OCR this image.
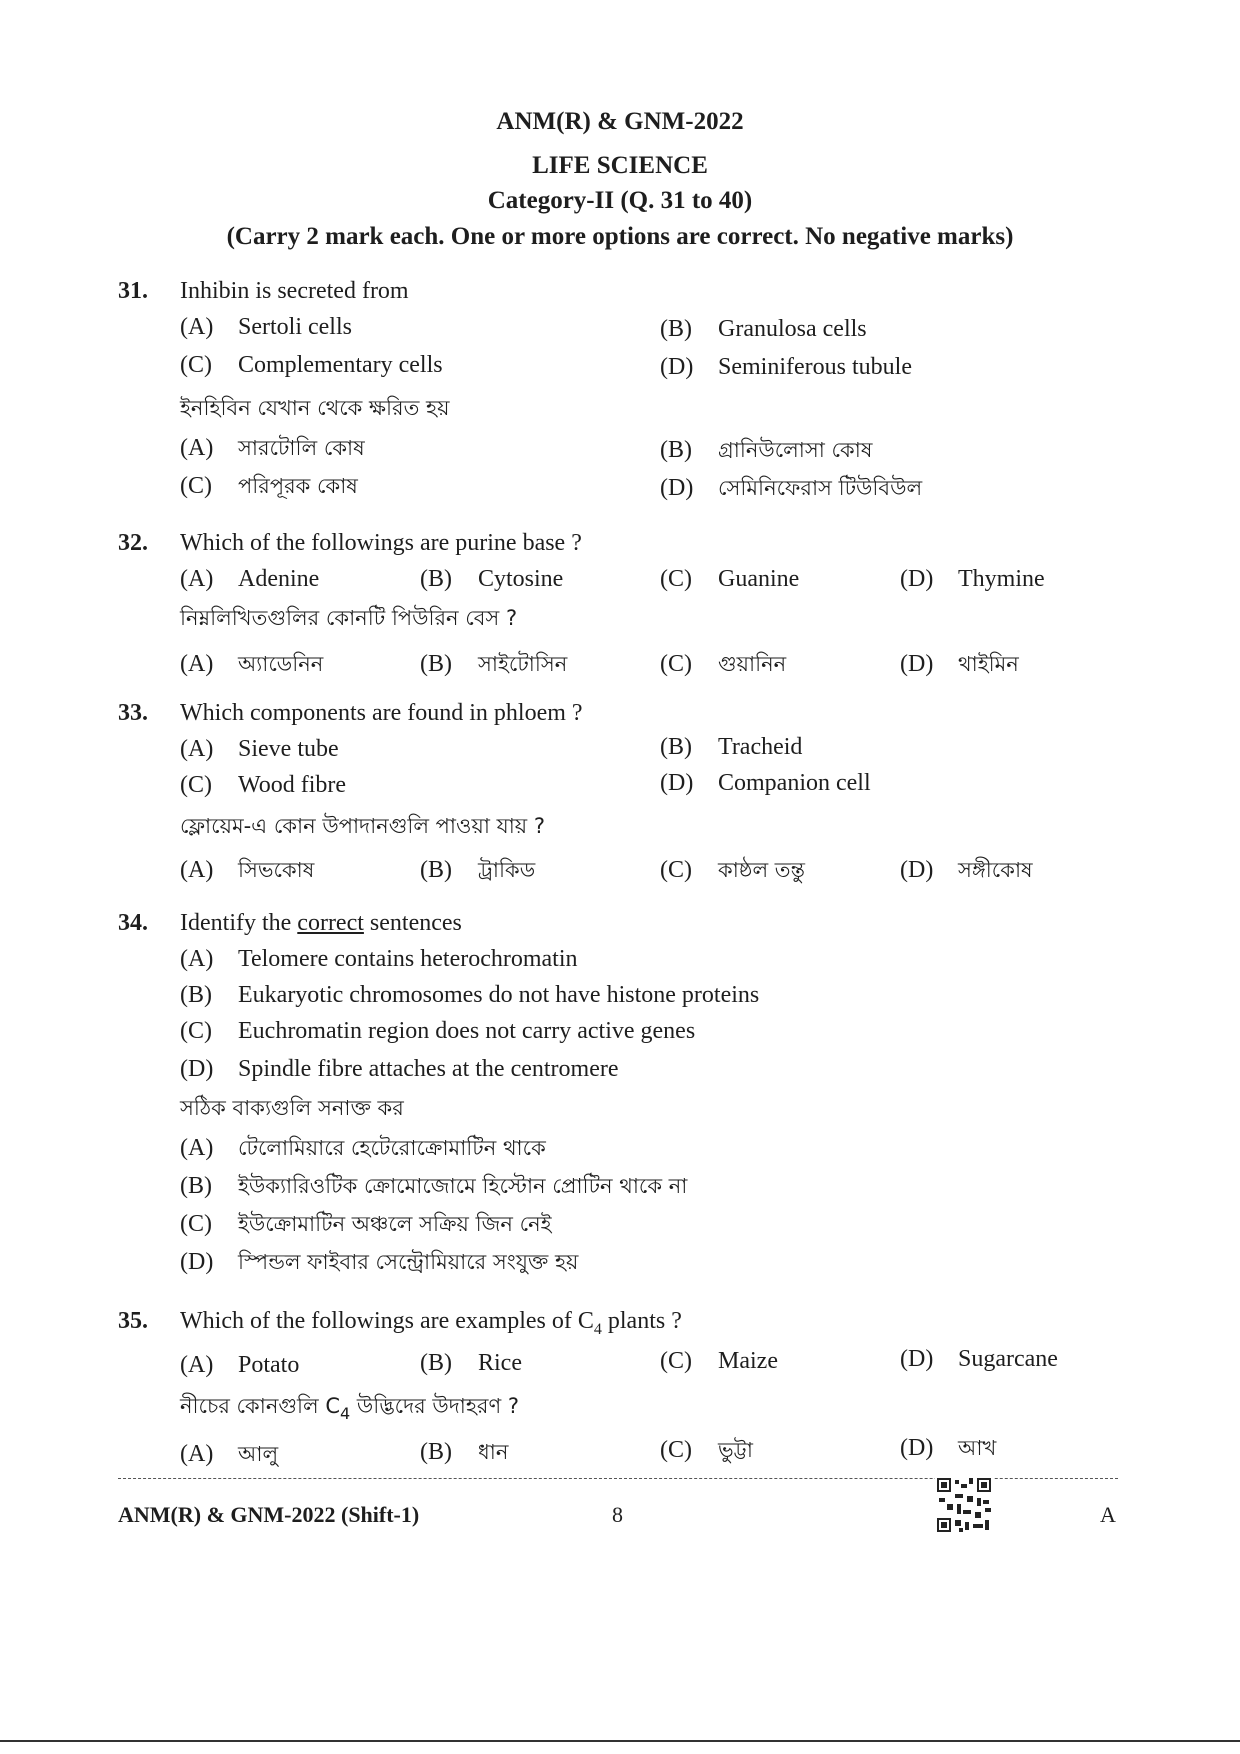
ANM(R) & GNM-2022
LIFE SCIENCE
Category-II (Q. 31 to 40)
(Carry 2 mark each. One or more options are correct. No negative marks)
31. Inhibin is secreted from
(A) Sertoli cells	(B) Granulosa cells
(C) Complementary cells	(D) Seminiferous tubule
ইনহিবিন যেখান থেকে ক্ষরিত হয়
(A) সারটোলি কোষ	(B) গ্রানিউলোসা কোষ
(C) পরিপূরক কোষ	(D) সেমিনিফেরাস টিউবিউল
32. Which of the followings are purine base ?
(A) Adenine	(B) Cytosine	(C) Guanine	(D) Thymine
নিম্নলিখিতগুলির কোনটি পিউরিন বেস ?
(A) অ্যাডেনিন	(B) সাইটোসিন	(C) গুয়ানিন	(D) থাইমিন
33. Which components are found in phloem ?
(A) Sieve tube	(B) Tracheid
(C) Wood fibre	(D) Companion cell
ফ্লোয়েম-এ কোন উপাদানগুলি পাওয়া যায় ?
(A) সিভকোষ	(B) ট্রাকিড	(C) কাষ্ঠল তন্তু	(D) সঙ্গীকোষ
34. Identify the correct sentences
(A) Telomere contains heterochromatin
(B) Eukaryotic chromosomes do not have histone proteins
(C) Euchromatin region does not carry active genes
(D) Spindle fibre attaches at the centromere
সঠিক বাক্যগুলি সনাক্ত কর
(A) টেলোমিয়ারে হেটেরোক্রোমাটিন থাকে
(B) ইউক্যারিওটিক ক্রোমোজোমে হিস্টোন প্রোটিন থাকে না
(C) ইউক্রোমাটিন অঞ্চলে সক্রিয় জিন নেই
(D) স্পিন্ডল ফাইবার সেন্ট্রোমিয়ারে সংযুক্ত হয়
35. Which of the followings are examples of $C_4$ plants ?
(A) Potato	(B) Rice	(C) Maize	(D) Sugarcane
নীচের কোনগুলি $C_4$ উদ্ভিদের উদাহরণ ?
(A) আলু	(B) ধান	(C) ভুট্টা	(D) আখ
ANM(R) & GNM-2022 (Shift-1)	8	A
